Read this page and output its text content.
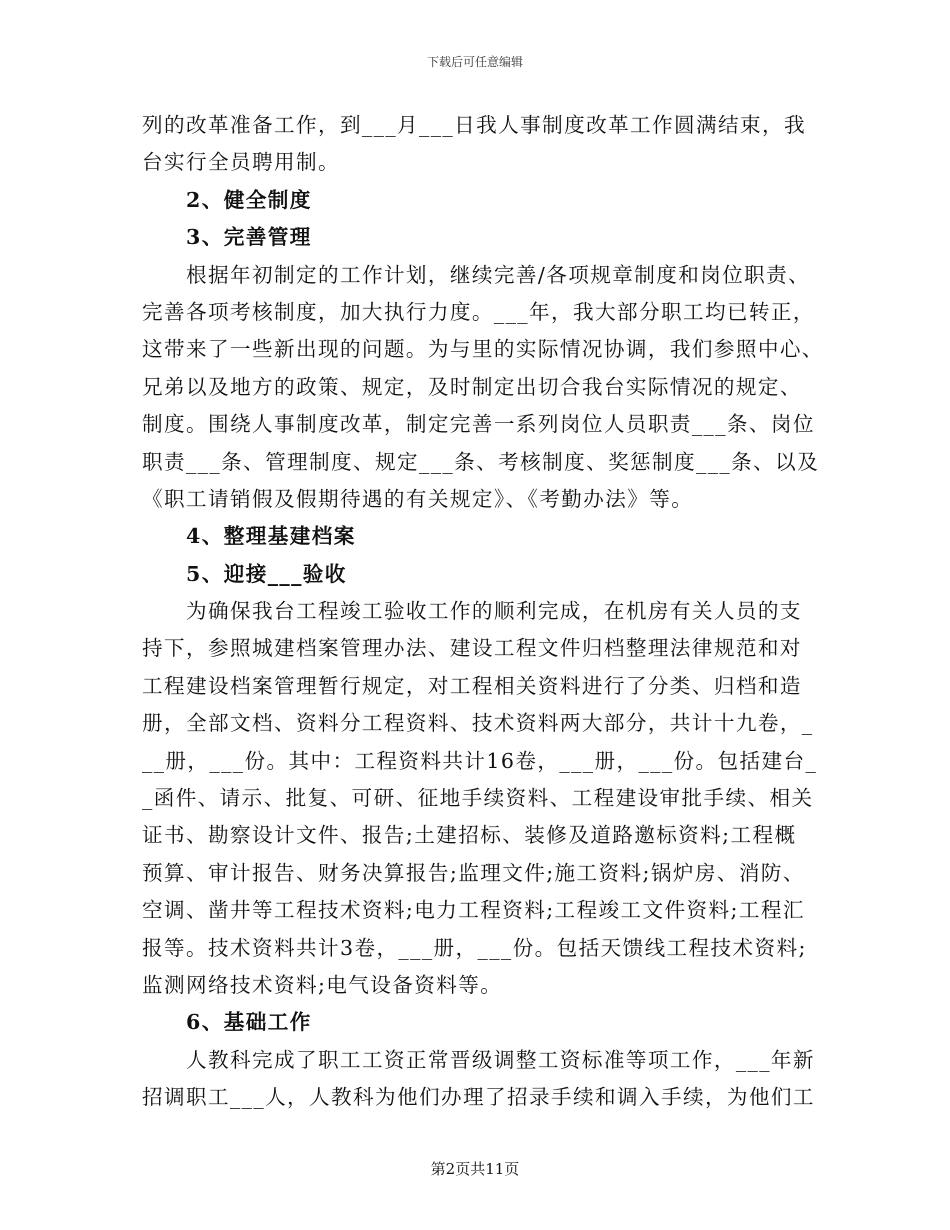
下载后可任意编辑
列的改革准备工作，到___月___日我人事制度改革工作圆满结束，我
台实行全员聘用制。
2、健全制度
3、完善管理
根据年初制定的工作计划，继续完善/各项规章制度和岗位职责、
完善各项考核制度，加大执行力度。___年，我大部分职工均已转正，
这带来了一些新出现的问题。为与里的实际情况协调，我们参照中心、
兄弟以及地方的政策、规定，及时制定出切合我台实际情况的规定、
制度。围绕人事制度改革，制定完善一系列岗位人员职责___条、岗位
职责___条、管理制度、规定___条、考核制度、奖惩制度___条、以及
《职工请销假及假期待遇的有关规定》、《考勤办法》等。
4、整理基建档案
5、迎接___验收
为确保我台工程竣工验收工作的顺利完成，在机房有关人员的支
持下，参照城建档案管理办法、建设工程文件归档整理法律规范和对
工程建设档案管理暂行规定，对工程相关资料进行了分类、归档和造
册，全部文档、资料分工程资料、技术资料两大部分，共计十九卷，_
__册，___份。其中：工程资料共计16卷，___册，___份。包括建台_
_函件、请示、批复、可研、征地手续资料、工程建设审批手续、相关
证书、勘察设计文件、报告;土建招标、装修及道路邀标资料;工程概
预算、审计报告、财务决算报告;监理文件;施工资料;锅炉房、消防、
空调、凿井等工程技术资料;电力工程资料;工程竣工文件资料;工程汇
报等。技术资料共计3卷，___册，___份。包括天馈线工程技术资料;
监测网络技术资料;电气设备资料等。
6、基础工作
人教科完成了职工工资正常晋级调整工资标准等项工作，___年新
招调职工___人，人教科为他们办理了招录手续和调入手续，为他们工
第2页共11页
